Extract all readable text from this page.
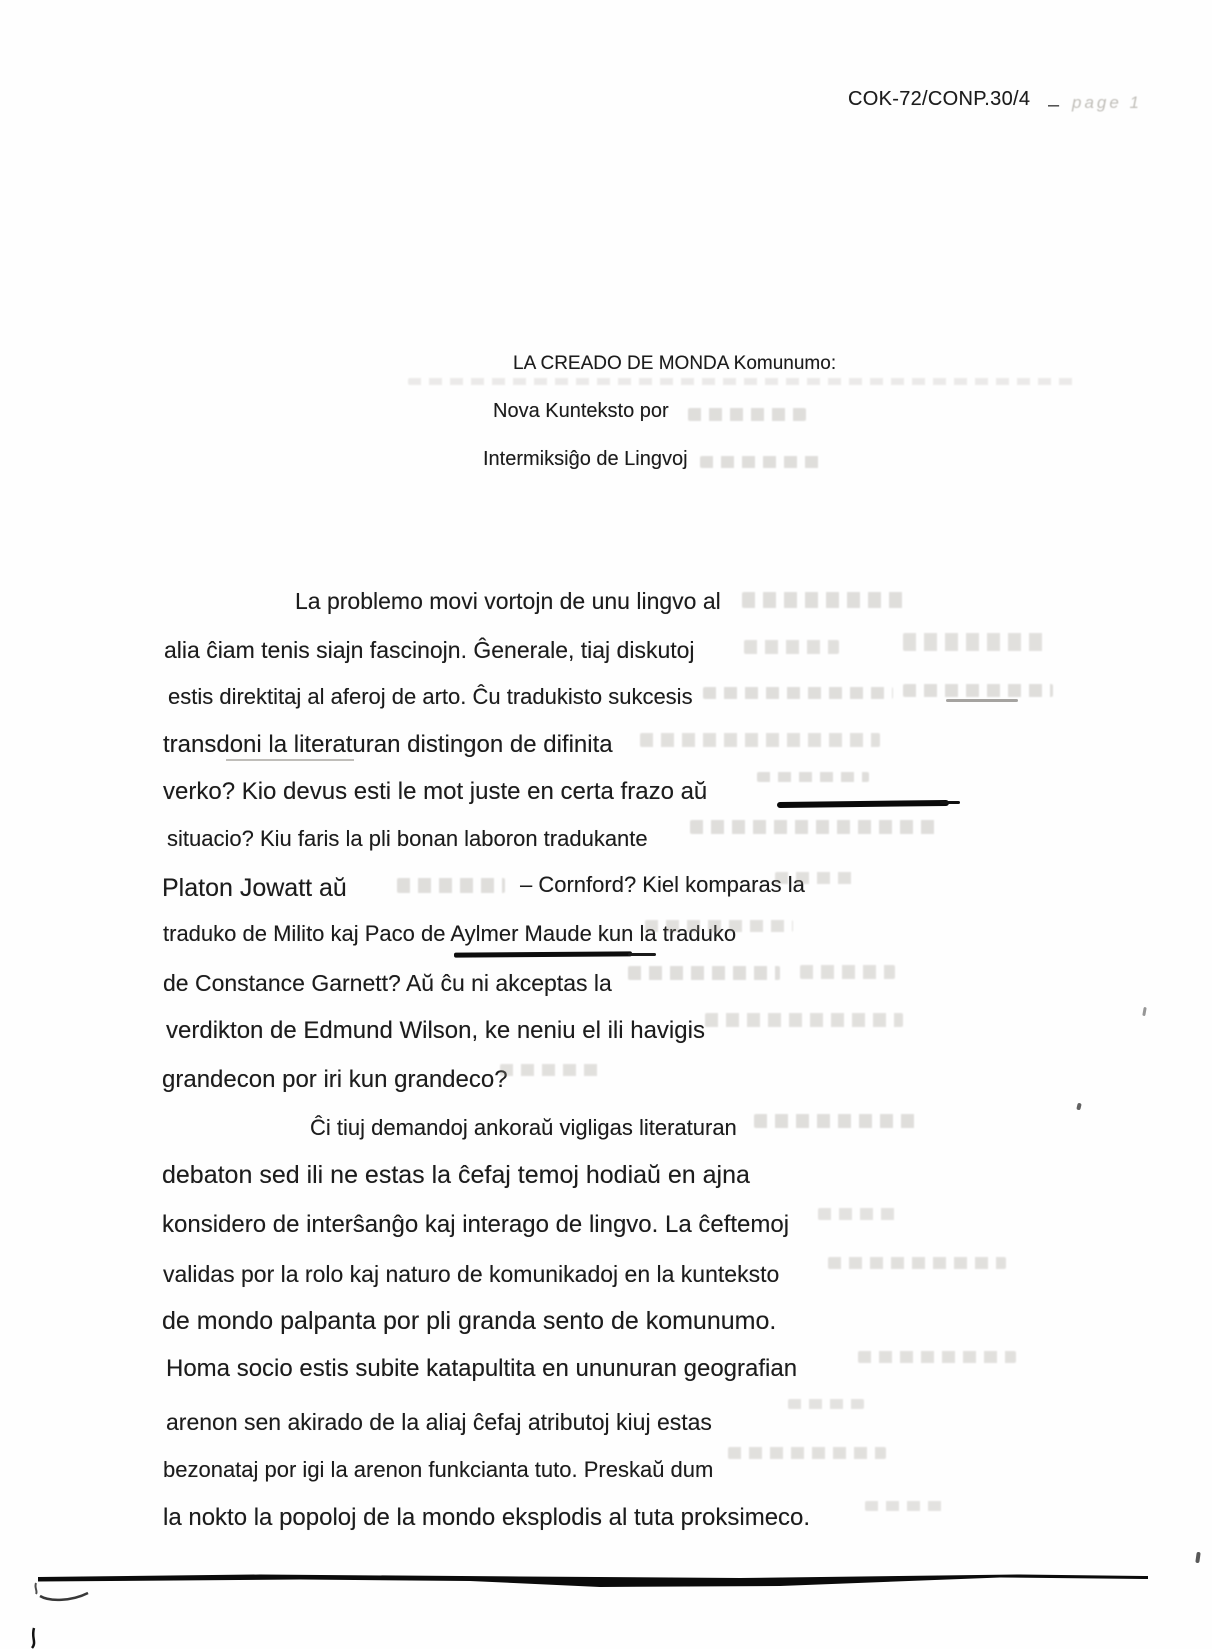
COK-72/CONP.30/4 – page 1
LA CREADO DE MONDA Komunumo:
Nova Kunteksto por
Intermiksiĝo de Lingvoj
La problemo movi vortojn de unu lingvo al
alia ĉiam tenis siajn fascinojn. Ĝenerale, tiaj diskutoj
estis direktitaj al aferoj de arto. Ĉu tradukisto sukcesis
transdoni la literaturan distingon de difinita
verko? Kio devus esti le mot juste en certa frazo aŭ
situacio? Kiu faris la pli bonan laboron tradukante
Platon Jowatt aŭ	– Cornford? Kiel komparas la
traduko de Milito kaj Paco de Aylmer Maude kun la traduko
de Constance Garnett? Aŭ ĉu ni akceptas la
verdikton de Edmund Wilson, ke neniu el ili havigis
grandecon por iri kun grandeco?
Ĉi tiuj demandoj ankoraŭ vigligas literaturan
debaton sed ili ne estas la ĉefaj temoj hodiaŭ en ajna
konsidero de interŝanĝo kaj interago de lingvo. La ĉeftemoj
validas por la rolo kaj naturo de komunikadoj en la kunteksto
de mondo palpanta por pli granda sento de komunumo.
Homa socio estis subite katapultita en ununuran geografian
arenon sen akirado de la aliaj ĉefaj atributoj kiuj estas
bezonataj por igi la arenon funkcianta tuto. Preskaŭ dum
la nokto la popoloj de la mondo eksplodis al tuta proksimeco.
